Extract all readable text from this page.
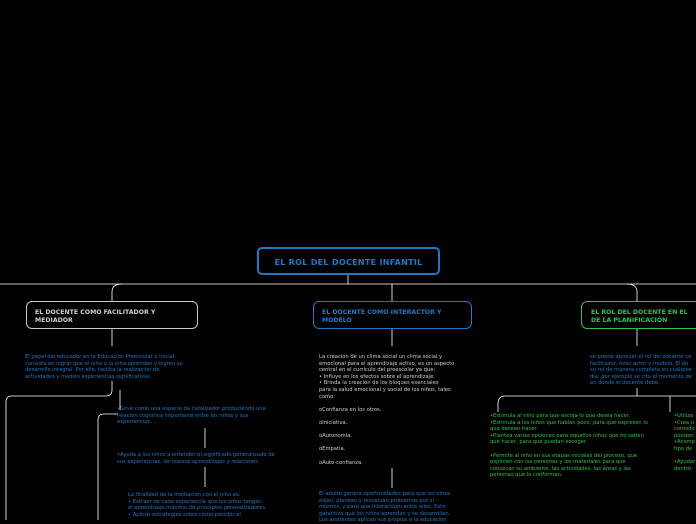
EL ROL DEL DOCENTE INFANTIL
EL DOCENTE COMO FACILITADOR Y
MEDIADOR
EL DOCENTE COMO INTERACTOR Y
MODELO
EL ROL DEL DOCENTE EN EL
DE LA PLANIFICACIÓN
El papel del educador en la Educación Preescolar o Inicial
consiste en lograr que el niño o la niña aprendan y logren su
desarrollo integral. Por ello, facilita la realización de
actividades y medios experiencias significativas
•Sirve como una especie de catalizador produciendo una
relación cognitiva importante entre los niños y sus
experiencias.
•Ayuda a los niños a entender el significado generalizado de
sus experiencias, de nuevos aprendizajes y relaciones.
La finalidad de la mediación con el niño es:
• Extraer de cada experiencia que los niños tengan
el aprendizaje máximo de principios generalizadores.
• Aplicar estrategias sobre cómo percibir el
La creación de un clima social un clima social y
emocional para el aprendizaje activo, es un aspecto
central en el currículo del preescolar ya que:
• Influye en los efectos sobre el aprendizaje.
• Brinda la creación de los bloques esenciales
para la salud emocional y social de los niños, tales
como:

oConfianza en los otros.

oIniciativa.

oAutonomía.

oEmpatía.

oAuto-confianza.
El adulto genera oportunidades para que los niños
elijan, planean y resuelvan problemas por sí
mismos, y para que interactúen entre ellos. Esto
garantiza que los niños aprendan y se desarrollen.
Los asistentes aplican sus propios a la educación
se puede apreciar el rol del docente co
facilitador, Inter actor y modelo. El do
su rol de manera completa en cualquie
día, por ejemplo se cita el momento de
en donde el docente debe:
•Estimula al niño para que escoja lo que desea hacer.
•Estimula a los niños que hablan poco, para que expresen lo
que desean hacer.
•Plantea varias opciones para aquellos niños que no saben
qué hacer, para que puedan escoger.

•Permite al niño en sus etapas iniciales del proceso, que
exploren con las personas y los materiales para que
conozcan su ambiente, las actividades, las áreas y las
personas que lo conforman.
•Utiliza
•Crea u
comodo
pueden
•Acomp
tipo de

•Ayudar
dentro
